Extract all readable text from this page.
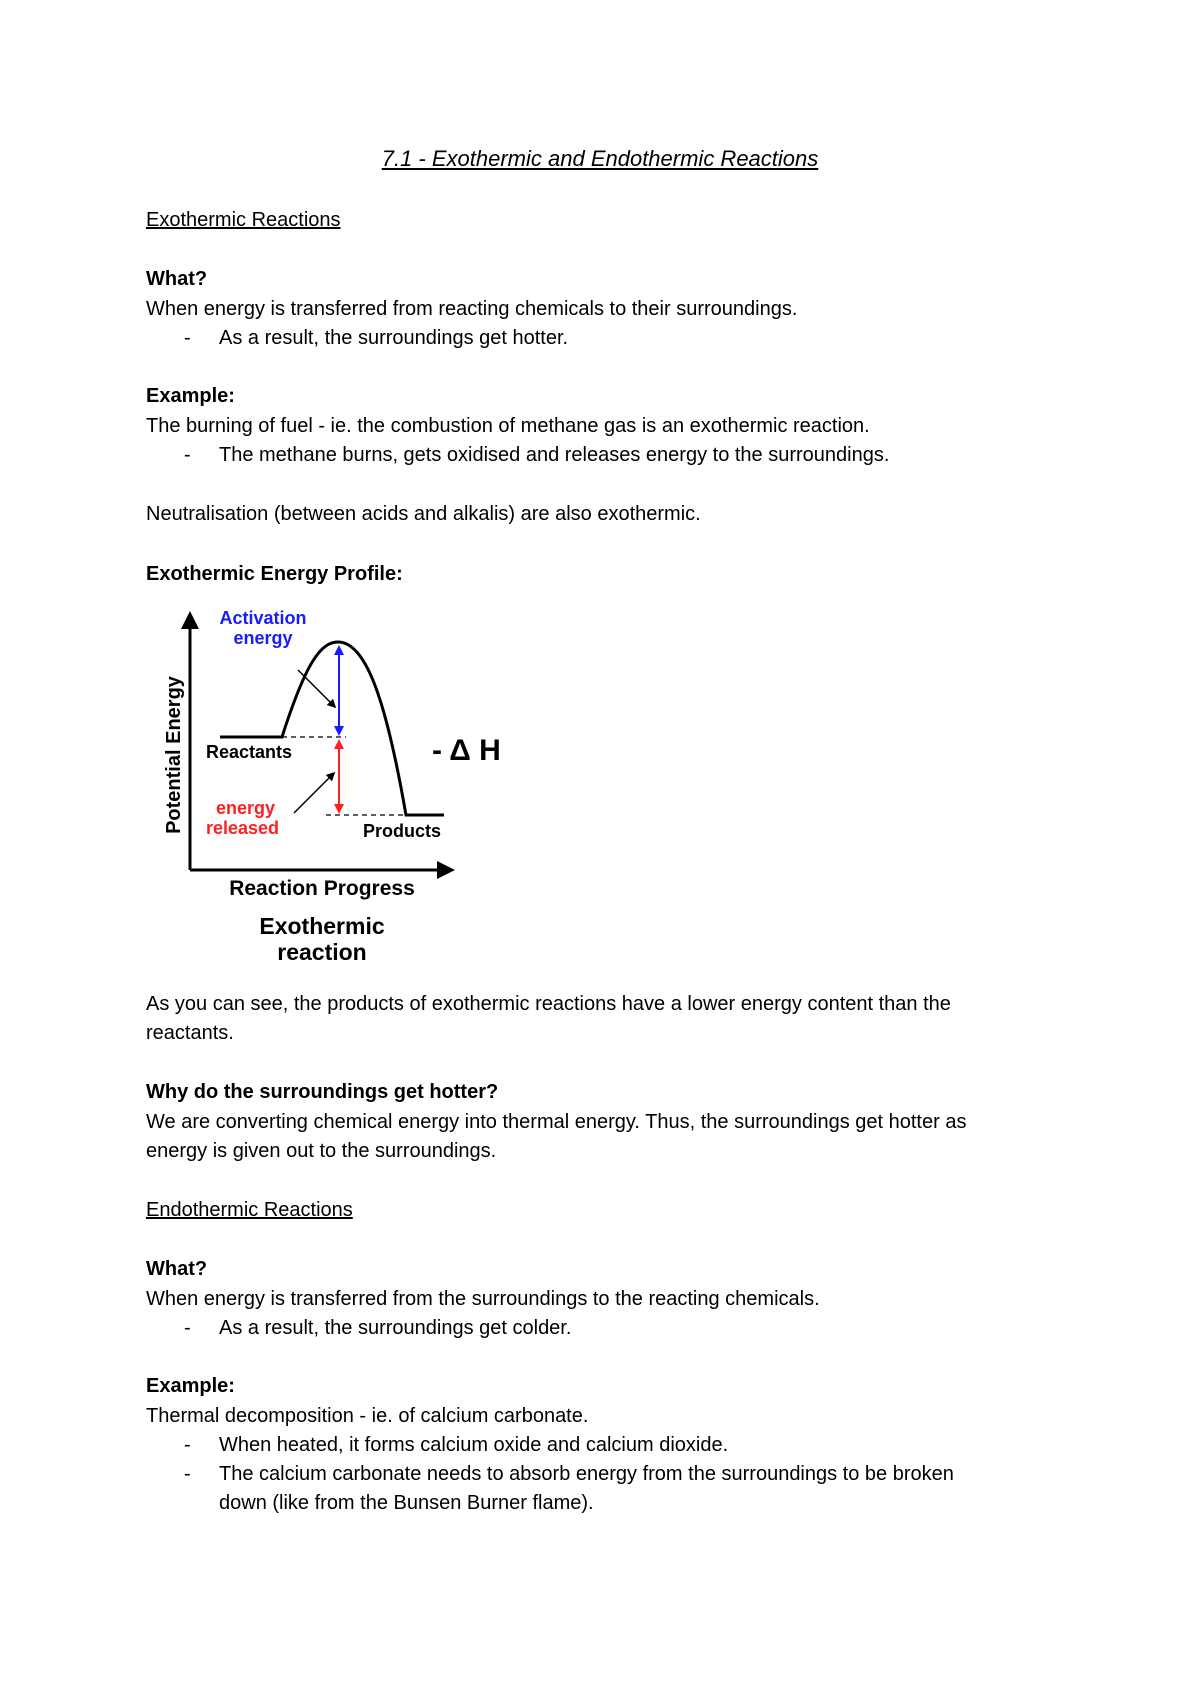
7.1 - Exothermic and Endothermic Reactions
Exothermic Reactions
What?
When energy is transferred from reacting chemicals to their surroundings.
- As a result, the surroundings get hotter.
Example:
The burning of fuel - ie. the combustion of methane gas is an exothermic reaction.
- The methane burns, gets oxidised and releases energy to the surroundings.
Neutralisation (between acids and alkalis) are also exothermic.
Exothermic Energy Profile:
Potential Energy
Activation
energy
Reactants
energy
released	Products
- Δ H
Reaction Progress
Exothermic
reaction
As you can see, the products of exothermic reactions have a lower energy content than the
reactants.
Why do the surroundings get hotter?
We are converting chemical energy into thermal energy. Thus, the surroundings get hotter as
energy is given out to the surroundings.
Endothermic Reactions
What?
When energy is transferred from the surroundings to the reacting chemicals.
- As a result, the surroundings get colder.
Example:
Thermal decomposition - ie. of calcium carbonate.
- When heated, it forms calcium oxide and calcium dioxide.
- The calcium carbonate needs to absorb energy from the surroundings to be broken
down (like from the Bunsen Burner flame).
